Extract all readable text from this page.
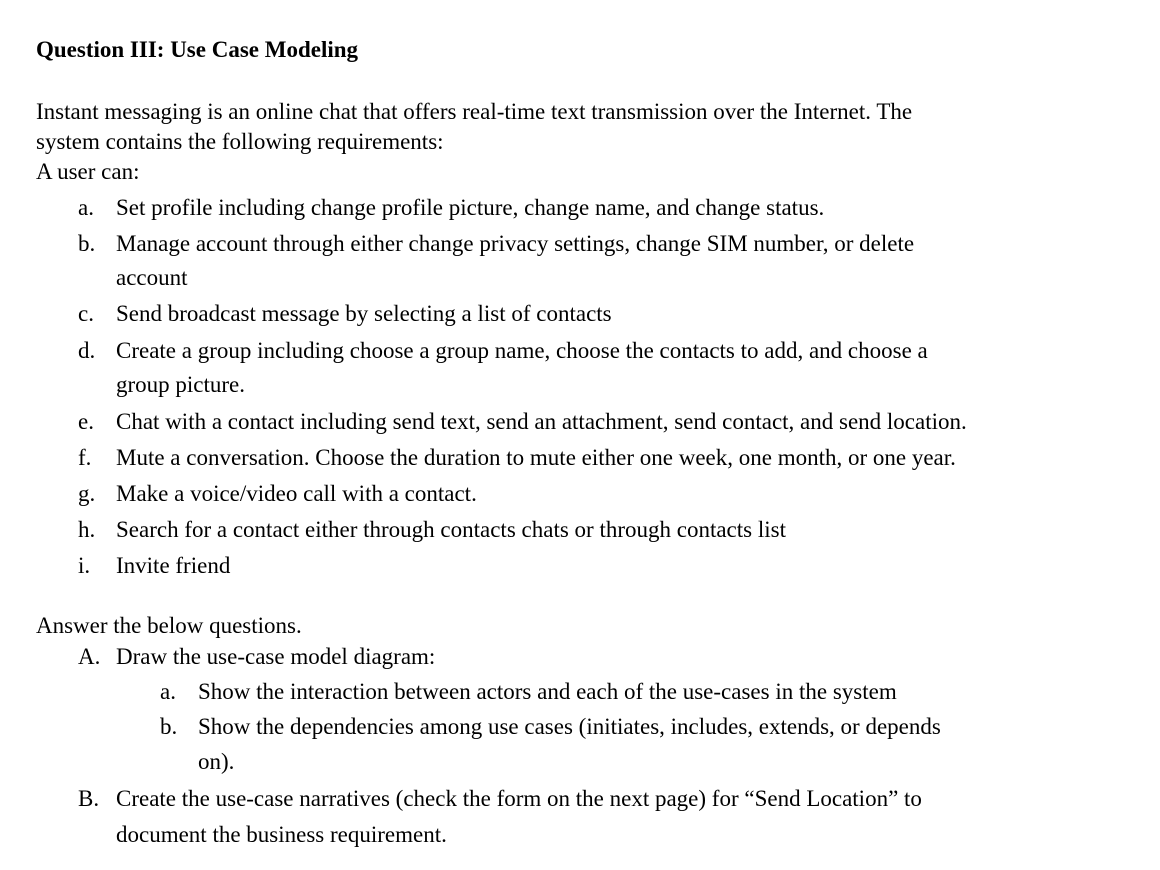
Question III: Use Case Modeling
Instant messaging is an online chat that offers real-time text transmission over the Internet. The
system contains the following requirements:
A user can:
a. Set profile including change profile picture, change name, and change status.
b. Manage account through either change privacy settings, change SIM number, or delete
account
c. Send broadcast message by selecting a list of contacts
d. Create a group including choose a group name, choose the contacts to add, and choose a
group picture.
e. Chat with a contact including send text, send an attachment, send contact, and send location.
f. Mute a conversation. Choose the duration to mute either one week, one month, or one year.
g. Make a voice/video call with a contact.
h. Search for a contact either through contacts chats or through contacts list
i. Invite friend
Answer the below questions.
A. Draw the use-case model diagram:
a. Show the interaction between actors and each of the use-cases in the system
b. Show the dependencies among use cases (initiates, includes, extends, or depends
on).
B. Create the use-case narratives (check the form on the next page) for “Send Location” to
document the business requirement.
